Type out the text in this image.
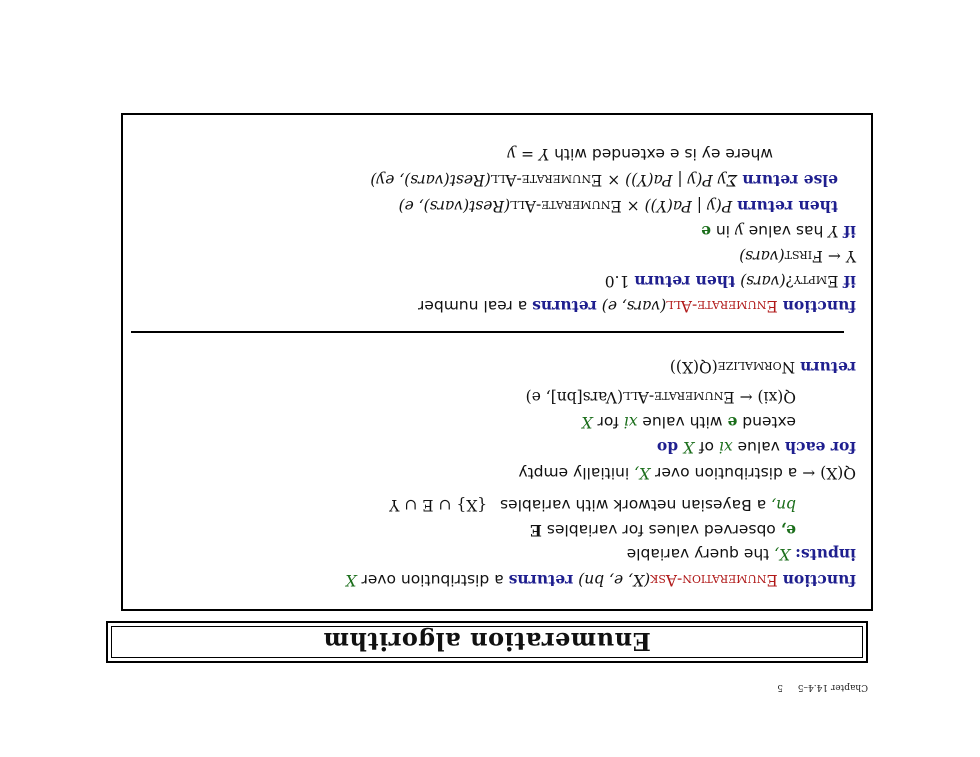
Chapter 14.4–5 5
Enumeration algorithm
function Enumeration-Ask(X, e, bn) returns a distribution over X
inputs: X, the query variable
e, observed values for variables E
bn, a Bayesian network with variables {X} ∪ E ∪ Y
Q(X) ← a distribution over X, initially empty
for each value xi of X do
extend e with value xi for X
Q(xi) ← Enumerate-All(Vars[bn], e)
return Normalize(Q(X))
function Enumerate-All(vars, e) returns a real number
if Empty?(vars) then return 1.0
Y ← First(vars)
if Y has value y in e
then return P(y | Pa(Y)) × Enumerate-All(Rest(vars), e)
else return Σy P(y | Pa(Y)) × Enumerate-All(Rest(vars), ey)
where ey is e extended with Y = y
